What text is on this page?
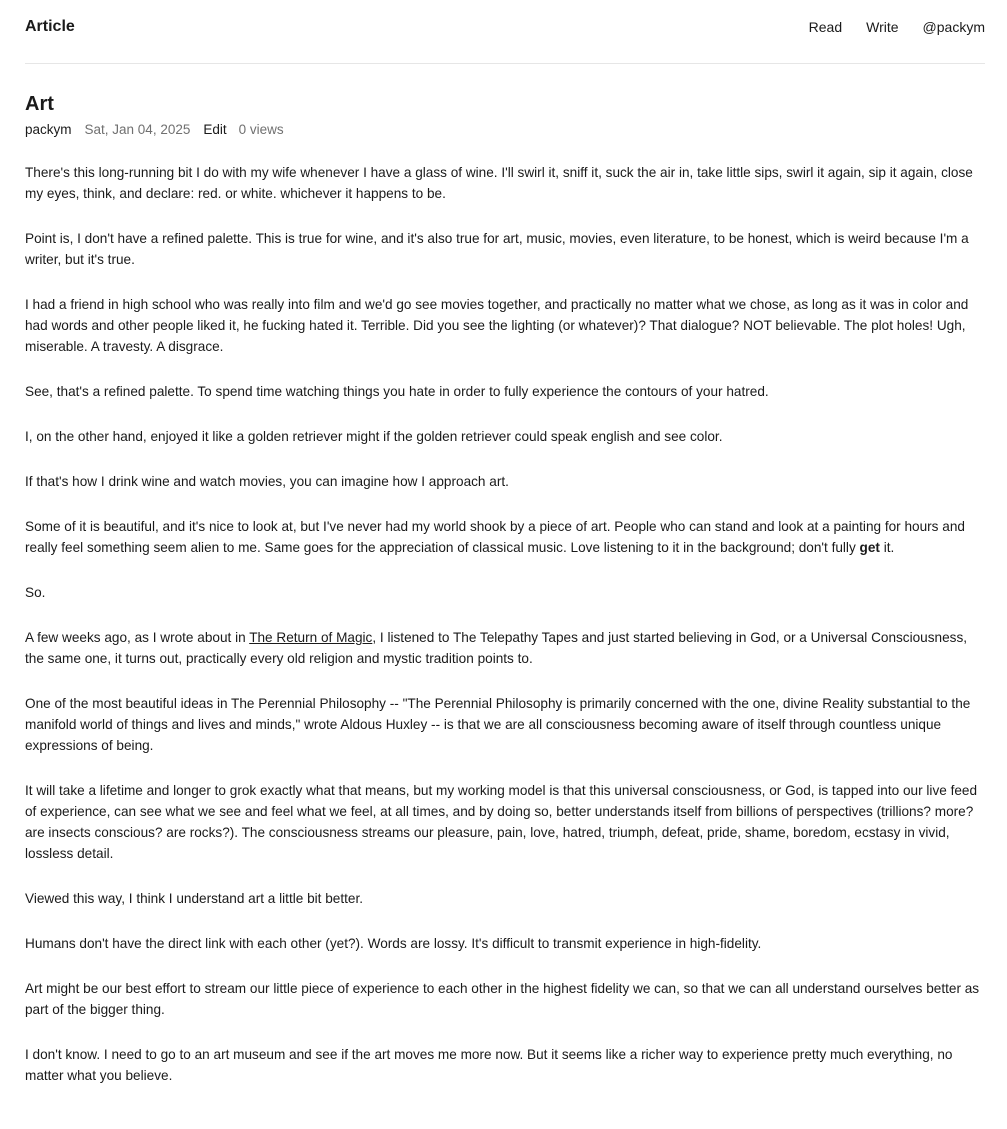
Article	Read Write @packym
Art
packym Sat, Jan 04, 2025 Edit 0 views

There's this long-running bit I do with my wife whenever I have a glass of wine. I'll swirl it, sniff it, suck the air in, take little sips, swirl it again, sip it again, close my eyes, think, and declare: red. or white. whichever it happens to be.

Point is, I don't have a refined palette. This is true for wine, and it's also true for art, music, movies, even literature, to be honest, which is weird because I'm a writer, but it's true.

I had a friend in high school who was really into film and we'd go see movies together, and practically no matter what we chose, as long as it was in color and had words and other people liked it, he fucking hated it. Terrible. Did you see the lighting (or whatever)? That dialogue? NOT believable. The plot holes! Ugh, miserable. A travesty. A disgrace.

See, that's a refined palette. To spend time watching things you hate in order to fully experience the contours of your hatred.

I, on the other hand, enjoyed it like a golden retriever might if the golden retriever could speak english and see color.

If that's how I drink wine and watch movies, you can imagine how I approach art.

Some of it is beautiful, and it's nice to look at, but I've never had my world shook by a piece of art. People who can stand and look at a painting for hours and really feel something seem alien to me. Same goes for the appreciation of classical music. Love listening to it in the background; don't fully get it.

So.

A few weeks ago, as I wrote about in The Return of Magic, I listened to The Telepathy Tapes and just started believing in God, or a Universal Consciousness, the same one, it turns out, practically every old religion and mystic tradition points to.

One of the most beautiful ideas in The Perennial Philosophy -- "The Perennial Philosophy is primarily concerned with the one, divine Reality substantial to the manifold world of things and lives and minds," wrote Aldous Huxley -- is that we are all consciousness becoming aware of itself through countless unique expressions of being.

It will take a lifetime and longer to grok exactly what that means, but my working model is that this universal consciousness, or God, is tapped into our live feed of experience, can see what we see and feel what we feel, at all times, and by doing so, better understands itself from billions of perspectives (trillions? more? are insects conscious? are rocks?). The consciousness streams our pleasure, pain, love, hatred, triumph, defeat, pride, shame, boredom, ecstasy in vivid, lossless detail.

Viewed this way, I think I understand art a little bit better.

Humans don't have the direct link with each other (yet?). Words are lossy. It's difficult to transmit experience in high-fidelity.

Art might be our best effort to stream our little piece of experience to each other in the highest fidelity we can, so that we can all understand ourselves better as part of the bigger thing.

I don't know. I need to go to an art museum and see if the art moves me more now. But it seems like a richer way to experience pretty much everything, no matter what you believe.
